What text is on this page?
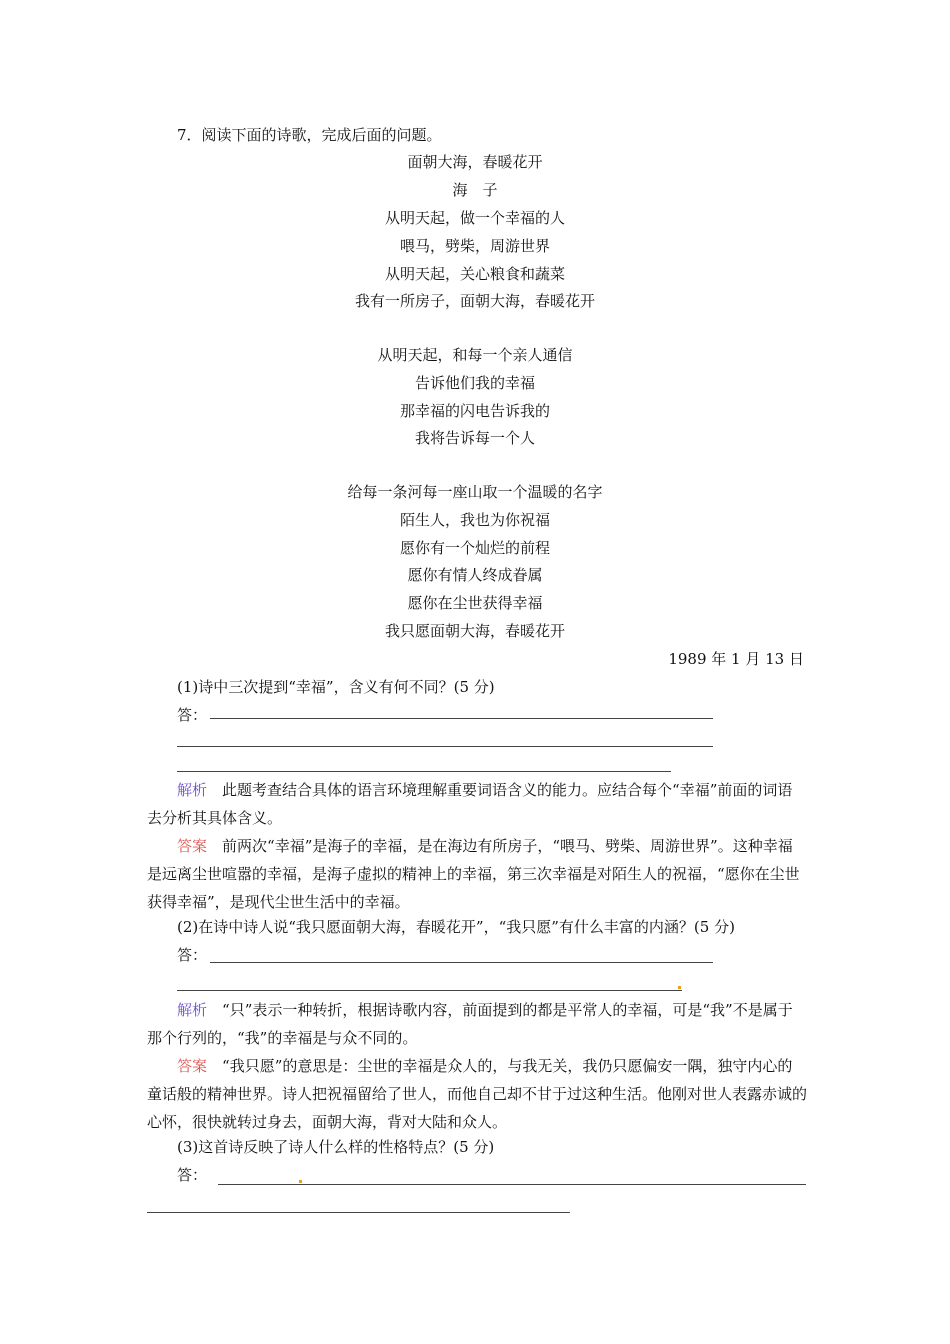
7．阅读下面的诗歌，完成后面的问题。
面朝大海，春暖花开
海　子
从明天起，做一个幸福的人
喂马，劈柴，周游世界
从明天起，关心粮食和蔬菜
我有一所房子，面朝大海，春暖花开
从明天起，和每一个亲人通信
告诉他们我的幸福
那幸福的闪电告诉我的
我将告诉每一个人
给每一条河每一座山取一个温暖的名字
陌生人，我也为你祝福
愿你有一个灿烂的前程
愿你有情人终成眷属
愿你在尘世获得幸福
我只愿面朝大海，春暖花开
1989 年 1 月 13 日
(1)诗中三次提到“幸福”，含义有何不同？(5 分)
答：

解析　 此题考查结合具体的语言环境理解重要词语含义的能力。应结合每个“幸福”前面的词语去分析其具体含义。

答案　 前两次“幸福”是海子的幸福，是在海边有所房子，“喂马、劈柴、周游世界”。这种幸福是远离尘世喧嚣的幸福，是海子虚拟的精神上的幸福，第三次幸福是对陌生人的祝福，“愿你在尘世获得幸福”，是现代尘世生活中的幸福。

(2)在诗中诗人说“我只愿面朝大海，春暖花开”，“我只愿”有什么丰富的内涵？(5 分)
答：

解析　 “只”表示一种转折，根据诗歌内容，前面提到的都是平常人的幸福，可是“我”不是属于那个行列的，“我”的幸福是与众不同的。

答案　 “我只愿”的意思是：尘世的幸福是众人的，与我无关，我仍只愿偏安一隅，独守内心的童话般的精神世界。诗人把祝福留给了世人，而他自己却不甘于过这种生活。他刚对世人表露赤诚的心怀，很快就转过身去，面朝大海，背对大陆和众人。

(3)这首诗反映了诗人什么样的性格特点？(5 分)
答：
